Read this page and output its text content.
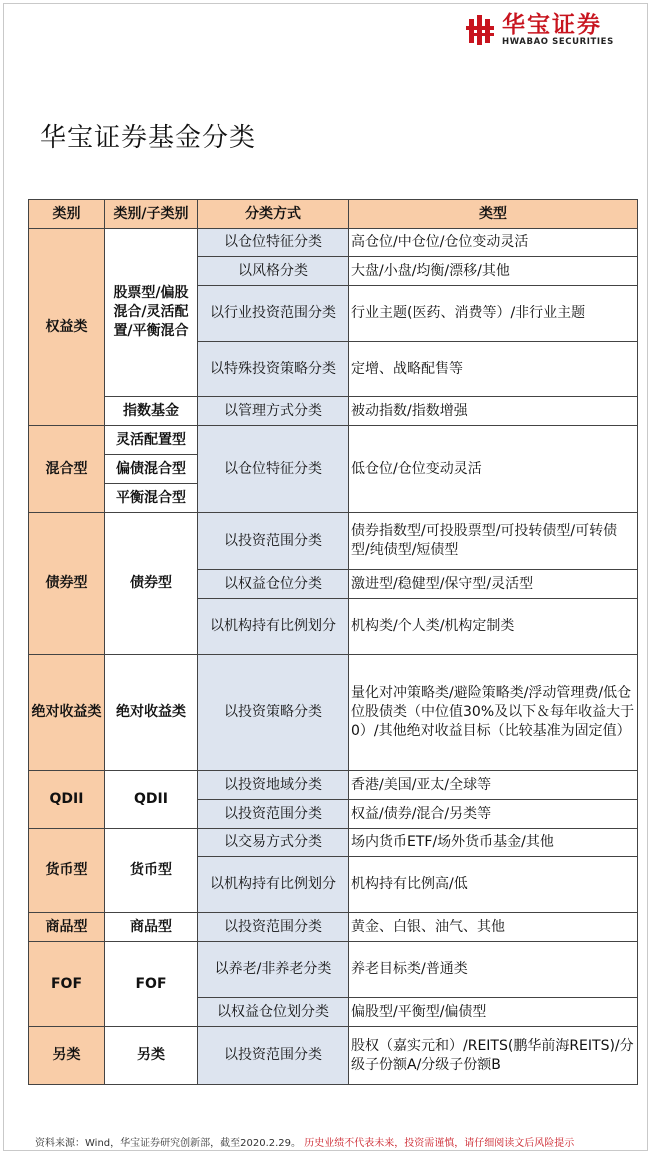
华宝证券
HWABAO SECURITIES
华宝证券基金分类
类别	类别/子类别	分类方式	类型
权益类	股票型/偏股混合/灵活配置/平衡混合	以仓位特征分类	高仓位/中仓位/仓位变动灵活
		以风格分类	大盘/小盘/均衡/漂移/其他
		以行业投资范围分类	行业主题(医药、消费等）/非行业主题
		以特殊投资策略分类	定增、战略配售等
	指数基金	以管理方式分类	被动指数/指数增强
混合型	灵活配置型	以仓位特征分类	低仓位/仓位变动灵活
	偏债混合型		
	平衡混合型		
债券型	债券型	以投资范围分类	债券指数型/可投股票型/可投转债型/可转债型/纯债型/短债型
		以权益仓位分类	激进型/稳健型/保守型/灵活型
		以机构持有比例划分	机构类/个人类/机构定制类
绝对收益类	绝对收益类	以投资策略分类	量化对冲策略类/避险策略类/浮动管理费/低仓位股债类（中位值30%及以下＆每年收益大于0）/其他绝对收益目标（比较基准为固定值）
QDII	QDII	以投资地域分类	香港/美国/亚太/全球等
		以投资范围分类	权益/债券/混合/另类等
货币型	货币型	以交易方式分类	场内货币ETF/场外货币基金/其他
		以机构持有比例划分	机构持有比例高/低
商品型	商品型	以投资范围分类	黄金、白银、油气、其他
FOF	FOF	以养老/非养老分类	养老目标类/普通类
		以权益仓位划分类	偏股型/平衡型/偏债型
另类	另类	以投资范围分类	股权（嘉实元和）/REITS(鹏华前海REITS)/分级子份额A/分级子份额B
资料来源：Wind，华宝证券研究创新部，截至2020.2.29。 历史业绩不代表未来，投资需谨慎，请仔细阅读文后风险提示
